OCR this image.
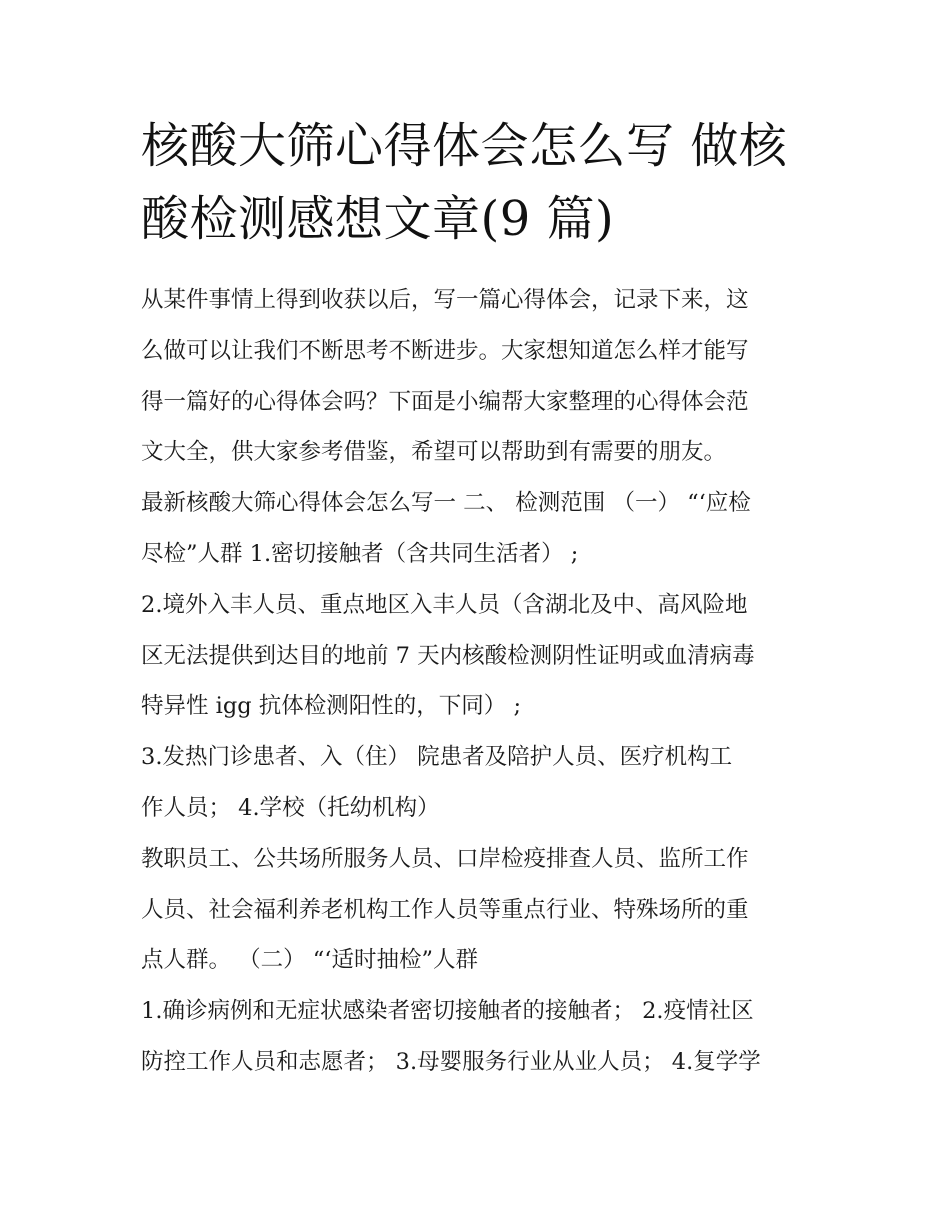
核酸大筛心得体会怎么写 做核
酸检测感想文章(9 篇)

从某件事情上得到收获以后，写一篇心得体会，记录下来，这
么做可以让我们不断思考不断进步。大家想知道怎么样才能写
得一篇好的心得体会吗？下面是小编帮大家整理的心得体会范
文大全，供大家参考借鉴，希望可以帮助到有需要的朋友。

最新核酸大筛心得体会怎么写一 二、 检测范围 （一） “‘应检
尽检”人群 1.密切接触者（含共同生活者） ;

2.境外入丰人员、重点地区入丰人员（含湖北及中、高风险地
区无法提供到达目的地前 7 天内核酸检测阴性证明或血清病毒
特异性 igg 抗体检测阳性的，下同） ;

3.发热门诊患者、入（住） 院患者及陪护人员、医疗机构工
作人员； 4.学校（托幼机构）

教职员工、公共场所服务人员、口岸检疫排查人员、监所工作
人员、社会福利养老机构工作人员等重点行业、特殊场所的重
点人群。 （二） “‘适时抽检”人群

1.确诊病例和无症状感染者密切接触者的接触者； 2.疫情社区
防控工作人员和志愿者； 3.母婴服务行业从业人员； 4.复学学
